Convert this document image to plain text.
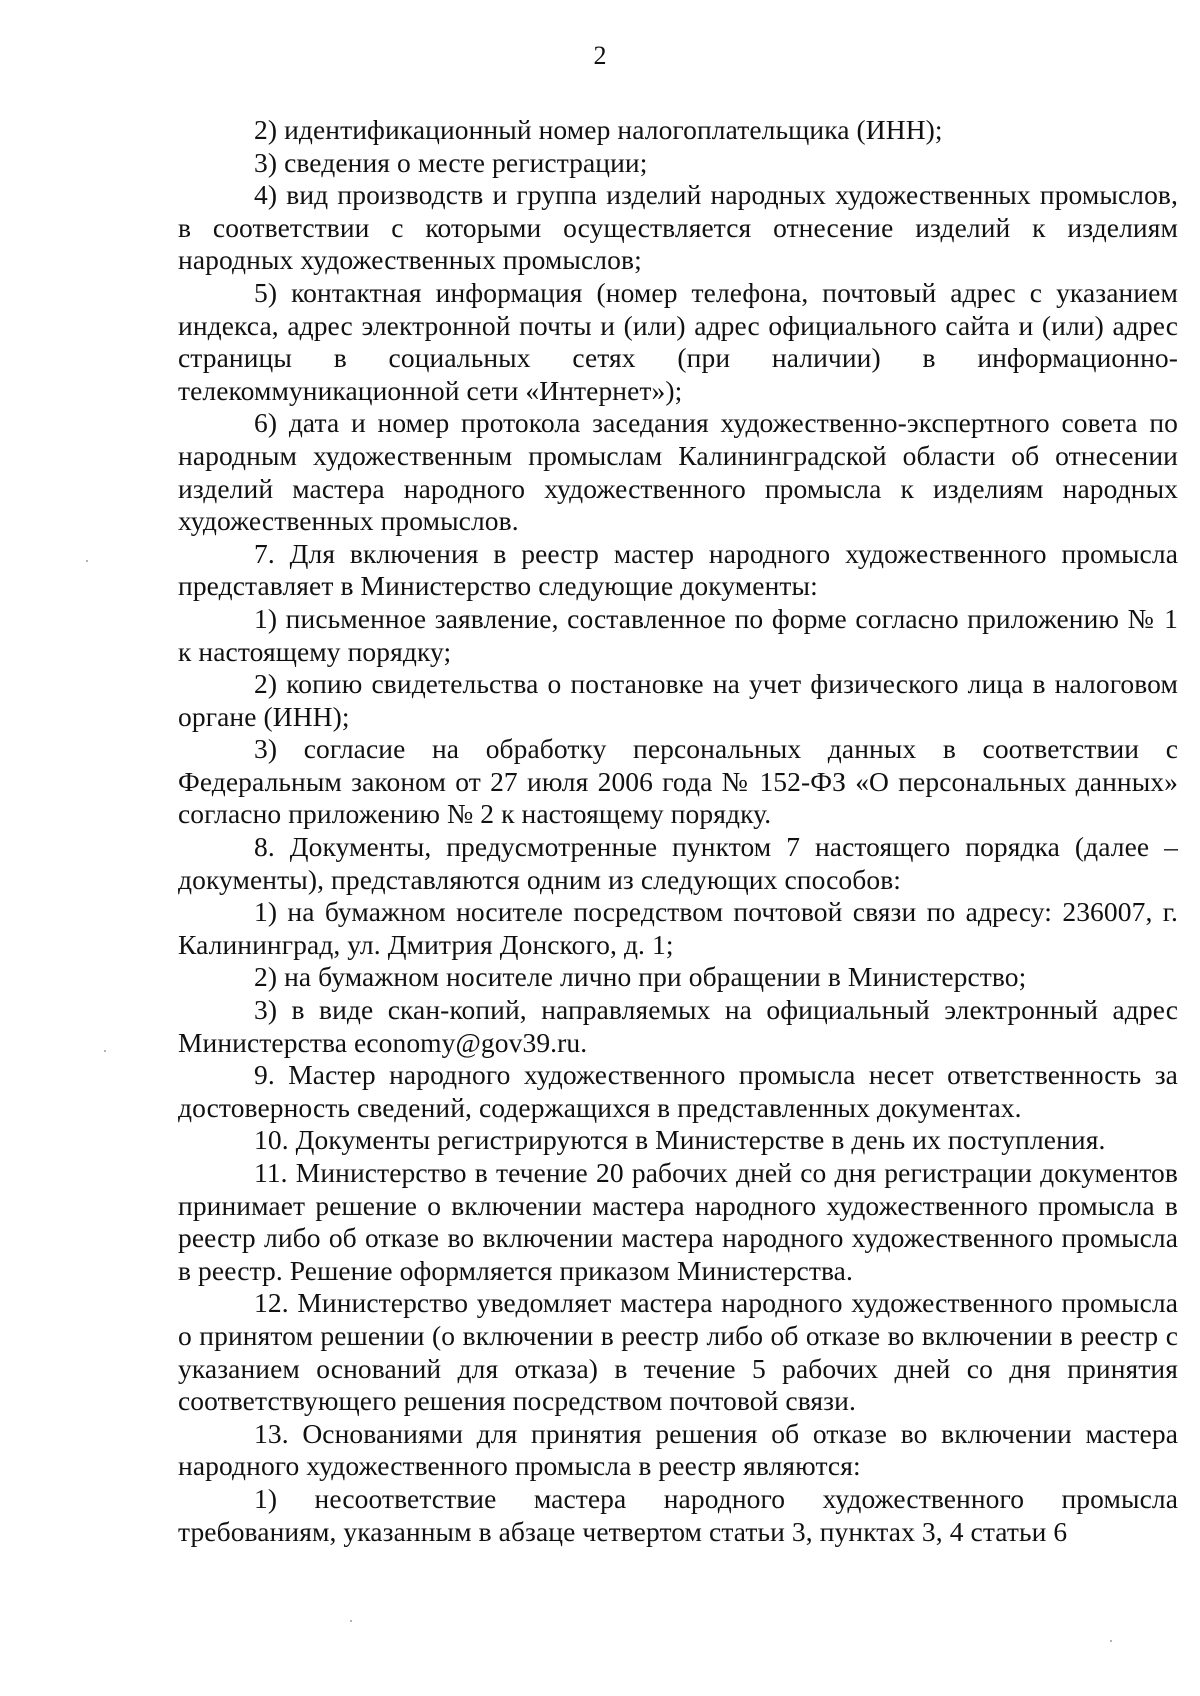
2

2) идентификационный номер налогоплательщика (ИНН);

3) сведения о месте регистрации;

4) вид производств и группа изделий народных художественных промыслов, в соответствии с которыми осуществляется отнесение изделий к изделиям народных художественных промыслов;

5) контактная информация (номер телефона, почтовый адрес с указанием индекса, адрес электронной почты и (или) адрес официального сайта и (или) адрес страницы в социальных сетях (при наличии) в информационно-телекоммуникационной сети «Интернет»);

6) дата и номер протокола заседания художественно-экспертного совета по народным художественным промыслам Калининградской области об отнесении изделий мастера народного художественного промысла к изделиям народных художественных промыслов.

7. Для включения в реестр мастер народного художественного промысла представляет в Министерство следующие документы:

1) письменное заявление, составленное по форме согласно приложению № 1 к настоящему порядку;

2) копию свидетельства о постановке на учет физического лица в налоговом органе (ИНН);

3) согласие на обработку персональных данных в соответствии с Федеральным законом от 27 июля 2006 года № 152-ФЗ «О персональных данных» согласно приложению № 2 к настоящему порядку.

8. Документы, предусмотренные пунктом 7 настоящего порядка (далее – документы), представляются одним из следующих способов:

1) на бумажном носителе посредством почтовой связи по адресу: 236007, г. Калининград, ул. Дмитрия Донского, д. 1;

2) на бумажном носителе лично при обращении в Министерство;

3) в виде скан-копий, направляемых на официальный электронный адрес Министерства economy@gov39.ru.

9. Мастер народного художественного промысла несет ответственность за достоверность сведений, содержащихся в представленных документах.

10. Документы регистрируются в Министерстве в день их поступления.

11. Министерство в течение 20 рабочих дней со дня регистрации документов принимает решение о включении мастера народного художественного промысла в реестр либо об отказе во включении мастера народного художественного промысла в реестр. Решение оформляется приказом Министерства.

12. Министерство уведомляет мастера народного художественного промысла о принятом решении (о включении в реестр либо об отказе во включении в реестр с указанием оснований для отказа) в течение 5 рабочих дней со дня принятия соответствующего решения посредством почтовой связи.

13. Основаниями для принятия решения об отказе во включении мастера народного художественного промысла в реестр являются:

1) несоответствие мастера народного художественного промысла требованиям, указанным в абзаце четвертом статьи 3, пунктах 3, 4 статьи 6
